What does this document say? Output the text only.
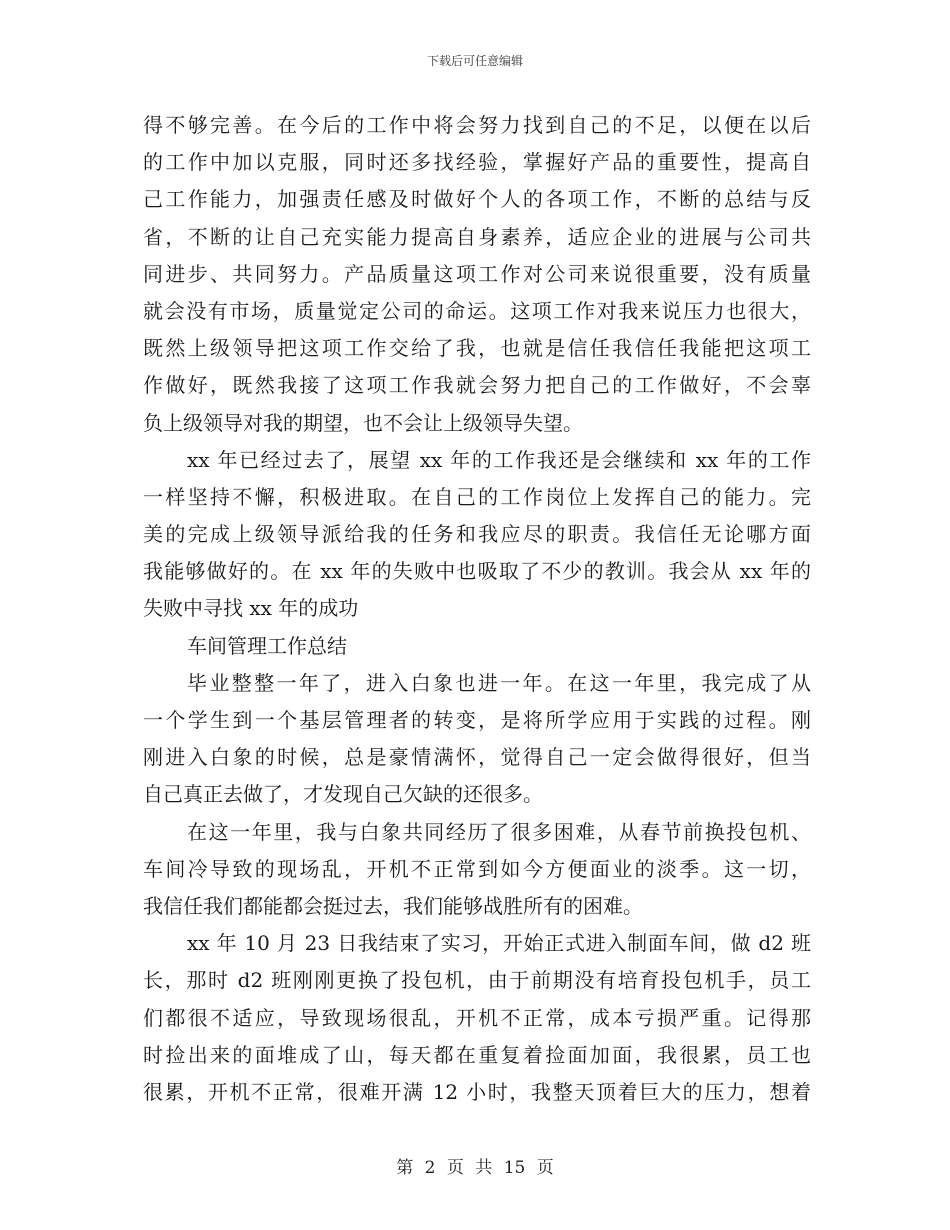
下载后可任意编辑
得不够完善。在今后的工作中将会努力找到自己的不足，以便在以后
的工作中加以克服，同时还多找经验，掌握好产品的重要性，提高自
己工作能力，加强责任感及时做好个人的各项工作，不断的总结与反
省，不断的让自己充实能力提高自身素养，适应企业的进展与公司共
同进步、共同努力。产品质量这项工作对公司来说很重要，没有质量
就会没有市场，质量觉定公司的命运。这项工作对我来说压力也很大，
既然上级领导把这项工作交给了我，也就是信任我信任我能把这项工
作做好，既然我接了这项工作我就会努力把自己的工作做好，不会辜
负上级领导对我的期望，也不会让上级领导失望。
xx 年已经过去了，展望 xx 年的工作我还是会继续和 xx 年的工作
一样坚持不懈，积极进取。在自己的工作岗位上发挥自己的能力。完
美的完成上级领导派给我的任务和我应尽的职责。我信任无论哪方面
我能够做好的。在 xx 年的失败中也吸取了不少的教训。我会从 xx 年的
失败中寻找 xx 年的成功
车间管理工作总结
毕业整整一年了，进入白象也进一年。在这一年里，我完成了从
一个学生到一个基层管理者的转变，是将所学应用于实践的过程。刚
刚进入白象的时候，总是豪情满怀，觉得自己一定会做得很好，但当
自己真正去做了，才发现自己欠缺的还很多。
在这一年里，我与白象共同经历了很多困难，从春节前换投包机、
车间冷导致的现场乱，开机不正常到如今方便面业的淡季。这一切，
我信任我们都能都会挺过去，我们能够战胜所有的困难。
xx 年 10 月 23 日我结束了实习，开始正式进入制面车间，做 d2 班
长，那时 d2 班刚刚更换了投包机，由于前期没有培育投包机手，员工
们都很不适应，导致现场很乱，开机不正常，成本亏损严重。记得那
时捡出来的面堆成了山，每天都在重复着捡面加面，我很累，员工也
很累，开机不正常，很难开满 12 小时，我整天顶着巨大的压力，想着
第 2 页 共 15 页
